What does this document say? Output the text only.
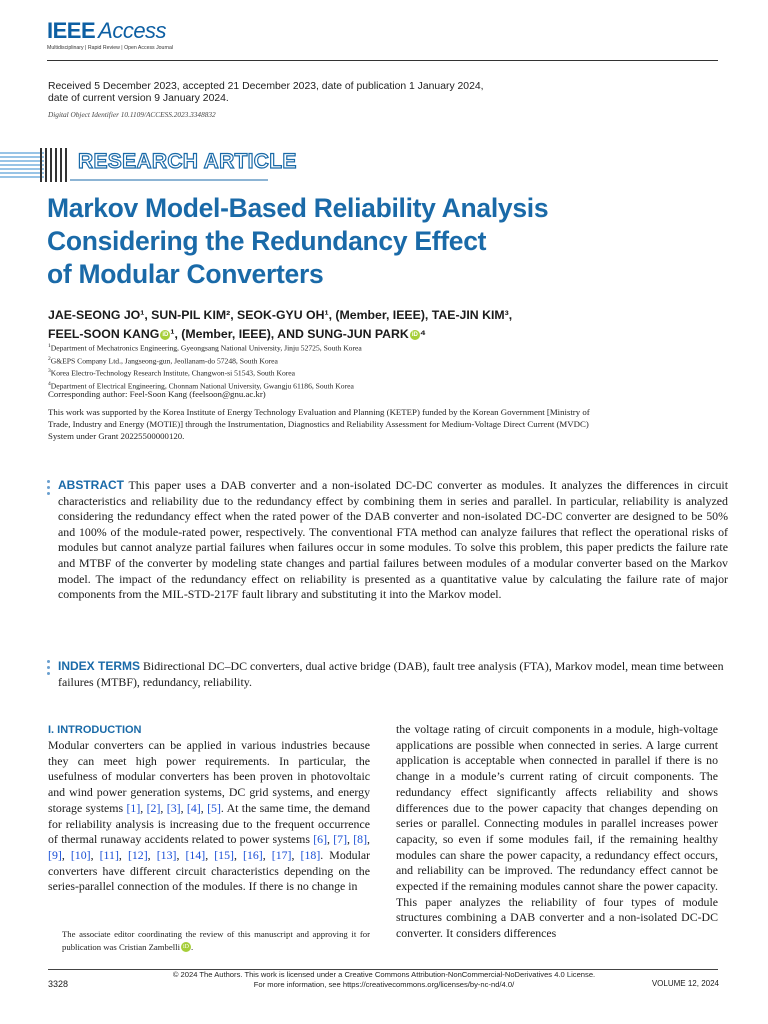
IEEE Access
Multidisciplinary | Rapid Review | Open Access Journal
Received 5 December 2023, accepted 21 December 2023, date of publication 1 January 2024,
date of current version 9 January 2024.
Digital Object Identifier 10.1109/ACCESS.2023.3348832
RESEARCH ARTICLE
Markov Model-Based Reliability Analysis
Considering the Redundancy Effect
of Modular Converters
JAE-SEONG JO¹, SUN-PIL KIM², SEOK-GYU OH¹, (Member, IEEE), TAE-JIN KIM³,
FEEL-SOON KANG iD ¹, (Member, IEEE), AND SUNG-JUN PARK iD ⁴
$^1$Department of Mechatronics Engineering, Gyeongsang National University, Jinju 52725, South Korea
$^2$G&EPS Company Ltd., Jangseong-gun, Jeollanam-do 57248, South Korea
$^3$Korea Electro-Technology Research Institute, Changwon-si 51543, South Korea
$^4$Department of Electrical Engineering, Chonnam National University, Gwangju 61186, South Korea
Corresponding author: Feel-Soon Kang (feelsoon@gnu.ac.kr)
This work was supported by the Korea Institute of Energy Technology Evaluation and Planning (KETEP) funded by the Korean Government [Ministry of Trade, Industry and Energy (MOTIE)] through the Instrumentation, Diagnostics and Reliability Assessment for Medium-Voltage Direct Current (MVDC) System under Grant 20225500000120.
ABSTRACT This paper uses a DAB converter and a non-isolated DC-DC converter as modules. It analyzes the differences in circuit characteristics and reliability due to the redundancy effect by combining them in series and parallel. In particular, reliability is analyzed considering the redundancy effect when the rated power of the DAB converter and non-isolated DC-DC converter are designed to be 50% and 100% of the module-rated power, respectively. The conventional FTA method can analyze failures that reflect the operational risks of modules but cannot analyze partial failures when failures occur in some modules. To solve this problem, this paper predicts the failure rate and MTBF of the converter by modeling state changes and partial failures between modules of a modular converter based on the Markov model. The impact of the redundancy effect on reliability is presented as a quantitative value by calculating the failure rate of major components from the MIL-STD-217F fault library and substituting it into the Markov model.
INDEX TERMS Bidirectional DC–DC converters, dual active bridge (DAB), fault tree analysis (FTA), Markov model, mean time between failures (MTBF), redundancy, reliability.
I. INTRODUCTION
Modular converters can be applied in various industries because they can meet high power requirements. In particular, the usefulness of modular converters has been proven in photovoltaic and wind power generation systems, DC grid systems, and energy storage systems [1], [2], [3], [4], [5]. At the same time, the demand for reliability analysis is increasing due to the frequent occurrence of thermal runaway accidents related to power systems [6], [7], [8], [9], [10], [11], [12], [13], [14], [15], [16], [17], [18]. Modular converters have different circuit characteristics depending on the series-parallel connection of the modules. If there is no change in
the voltage rating of circuit components in a module, high-voltage applications are possible when connected in series. A large current application is acceptable when connected in parallel if there is no change in a module’s current rating of circuit components. The redundancy effect significantly affects reliability and shows differences due to the power capacity that changes depending on series or parallel. Connecting modules in parallel increases power capacity, so even if some modules fail, if the remaining healthy modules can share the power capacity, a redundancy effect occurs, and reliability can be improved. The redundancy effect cannot be expected if the remaining modules cannot share the power capacity. This paper analyzes the reliability of four types of module structures combining a DAB converter and a non-isolated DC-DC converter. It considers differences
The associate editor coordinating the review of this manuscript and approving it for publication was Cristian Zambelli iD .
3328
© 2024 The Authors. This work is licensed under a Creative Commons Attribution-NonCommercial-NoDerivatives 4.0 License.
For more information, see https://creativecommons.org/licenses/by-nc-nd/4.0/	VOLUME 12, 2024
